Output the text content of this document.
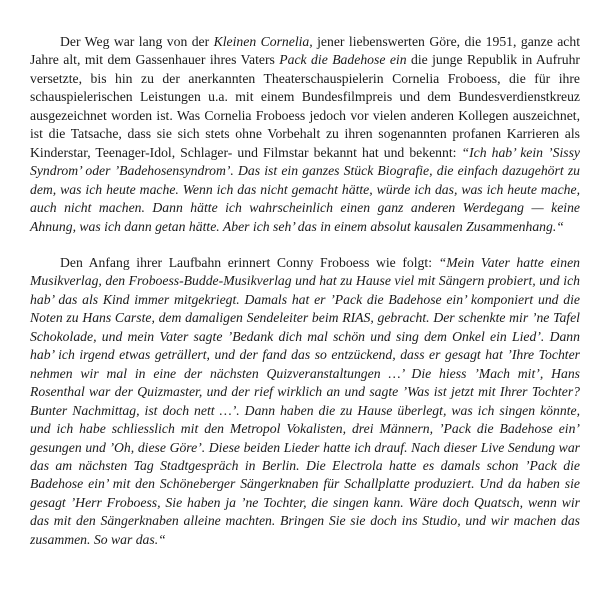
Der Weg war lang von der Kleinen Cornelia, jener liebenswerten Göre, die 1951, ganze acht Jahre alt, mit dem Gassenhauer ihres Vaters Pack die Badehose ein die junge Republik in Aufruhr versetzte, bis hin zu der anerkannten Theaterschauspielerin Cornelia Froboess, die für ihre schauspielerischen Leistungen u.a. mit einem Bundesfilmpreis und dem Bundesverdienstkreuz ausgezeichnet worden ist. Was Cornelia Froboess jedoch vor vielen anderen Kollegen auszeichnet, ist die Tatsache, dass sie sich stets ohne Vorbehalt zu ihren sogenannten profanen Karrieren als Kinderstar, Teenager-Idol, Schlager- und Filmstar bekannt hat und bekennt: “Ich hab’ kein ’Sissy Syndrom’ oder ’Badehosensyndrom’. Das ist ein ganzes Stück Biografie, die einfach dazugehört zu dem, was ich heute mache. Wenn ich das nicht gemacht hätte, würde ich das, was ich heute mache, auch nicht machen. Dann hätte ich wahrscheinlich einen ganz anderen Werdegang — keine Ahnung, was ich dann getan hätte. Aber ich seh’ das in einem absolut kausalen Zusammenhang.“

Den Anfang ihrer Laufbahn erinnert Conny Froboess wie folgt: “Mein Vater hatte einen Musikverlag, den Froboess-Budde-Musikverlag und hat zu Hause viel mit Sängern probiert, und ich hab’ das als Kind immer mitgekriegt. Damals hat er ’Pack die Badehose ein’ komponiert und die Noten zu Hans Carste, dem damaligen Sendeleiter beim RIAS, gebracht. Der schenkte mir ’ne Tafel Schokolade, und mein Vater sagte ’Bedank dich mal schön und sing dem Onkel ein Lied’. Dann hab’ ich irgend etwas geträllert, und der fand das so entzückend, dass er gesagt hat ’Ihre Tochter nehmen wir mal in eine der nächsten Quizveranstaltungen …’ Die hiess ’Mach mit’, Hans Rosenthal war der Quizmaster, und der rief wirklich an und sagte ’Was ist jetzt mit Ihrer Tochter? Bunter Nachmittag, ist doch nett …’. Dann haben die zu Hause überlegt, was ich singen könnte, und ich habe schliesslich mit den Metropol Vokalisten, drei Männern, ’Pack die Badehose ein’ gesungen und ’Oh, diese Göre’. Diese beiden Lieder hatte ich drauf. Nach dieser Live Sendung war das am nächsten Tag Stadtgespräch in Berlin. Die Electrola hatte es damals schon ’Pack die Badehose ein’ mit den Schöneberger Sängerknaben für Schallplatte produziert. Und da haben sie gesagt ’Herr Froboess, Sie haben ja ’ne Tochter, die singen kann. Wäre doch Quatsch, wenn wir das mit den Sängerknaben alleine machten. Bringen Sie sie doch ins Studio, und wir machen das zusammen. So war das.“
